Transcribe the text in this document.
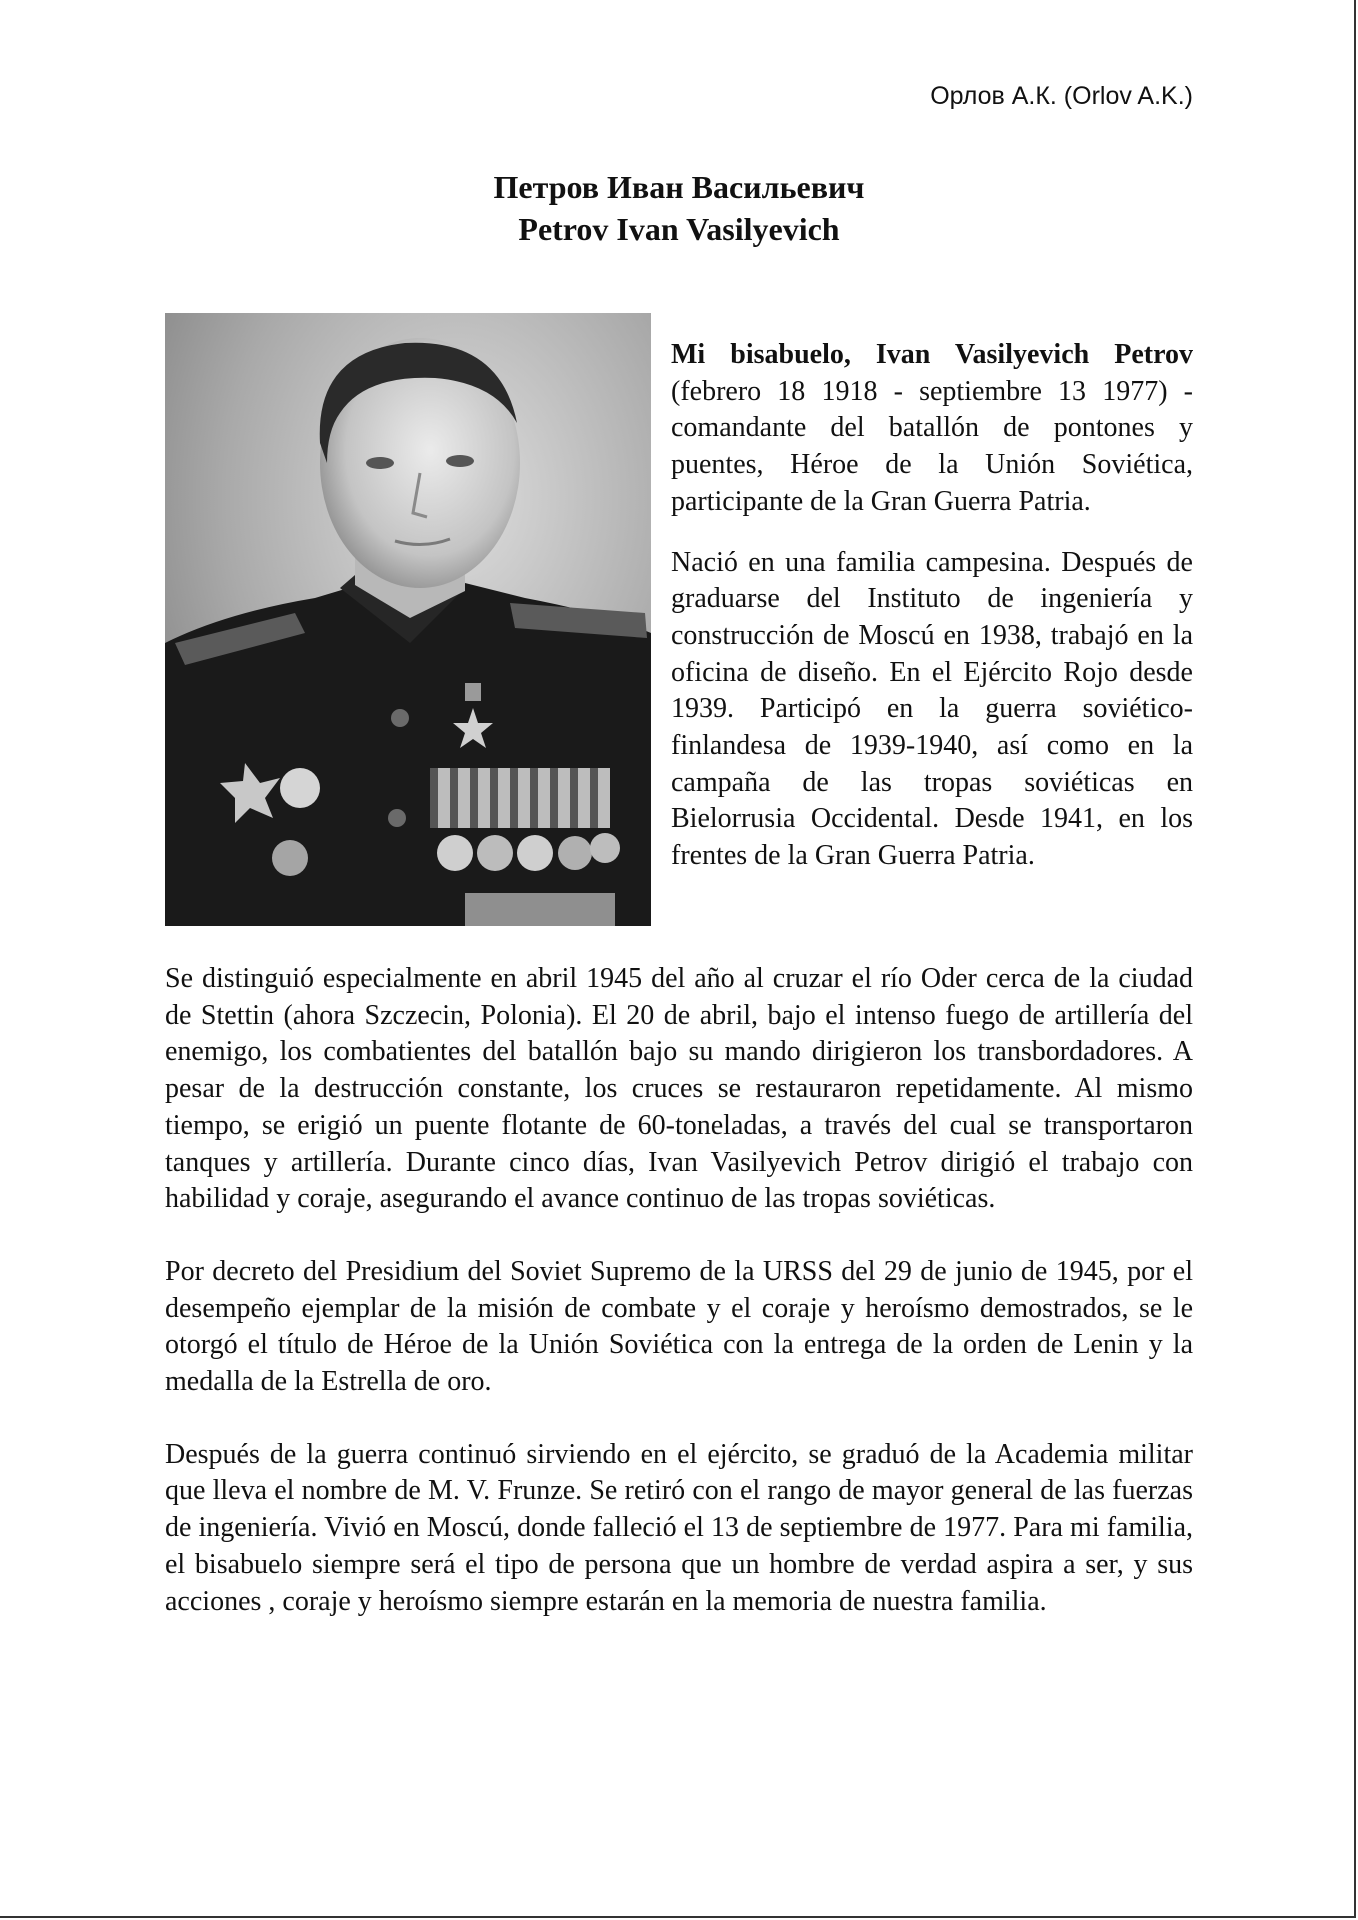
Орлов А.К. (Orlov A.K.)
Петров Иван Васильевич
Petrov Ivan Vasilyevich

Mi bisabuelo, Ivan Vasilyevich Petrov (febrero 18 1918 - septiembre 13 1977) - comandante del batallón de pontones y puentes, Héroe de la Unión Soviética, participante de la Gran Guerra Patria.

Nació en una familia campesina. Después de graduarse del Instituto de ingeniería y construcción de Moscú en 1938, trabajó en la oficina de diseño. En el Ejército Rojo desde 1939. Participó en la guerra soviético-finlandesa de 1939-1940, así como en la campaña de las tropas soviéticas en Bielorrusia Occidental. Desde 1941, en los frentes de la Gran Guerra Patria.

Se distinguió especialmente en abril 1945 del año al cruzar el río Oder cerca de la ciudad de Stettin (ahora Szczecin, Polonia). El 20 de abril, bajo el intenso fuego de artillería del enemigo, los combatientes del batallón bajo su mando dirigieron los transbordadores. A pesar de la destrucción constante, los cruces se restauraron repetidamente. Al mismo tiempo, se erigió un puente flotante de 60-toneladas, a través del cual se transportaron tanques y artillería. Durante cinco días, Ivan Vasilyevich Petrov dirigió el trabajo con habilidad y coraje, asegurando el avance continuo de las tropas soviéticas.

Por decreto del Presidium del Soviet Supremo de la URSS del 29 de junio de 1945, por el desempeño ejemplar de la misión de combate y el coraje y heroísmo demostrados, se le otorgó el título de Héroe de la Unión Soviética con la entrega de la orden de Lenin y la medalla de la Estrella de oro.

Después de la guerra continuó sirviendo en el ejército, se graduó de la Academia militar que lleva el nombre de M. V. Frunze. Se retiró con el rango de mayor general de las fuerzas de ingeniería. Vivió en Moscú, donde falleció el 13 de septiembre de 1977. Para mi familia, el bisabuelo siempre será el tipo de persona que un hombre de verdad aspira a ser, y sus acciones , coraje y heroísmo siempre estarán en la memoria de nuestra familia.
